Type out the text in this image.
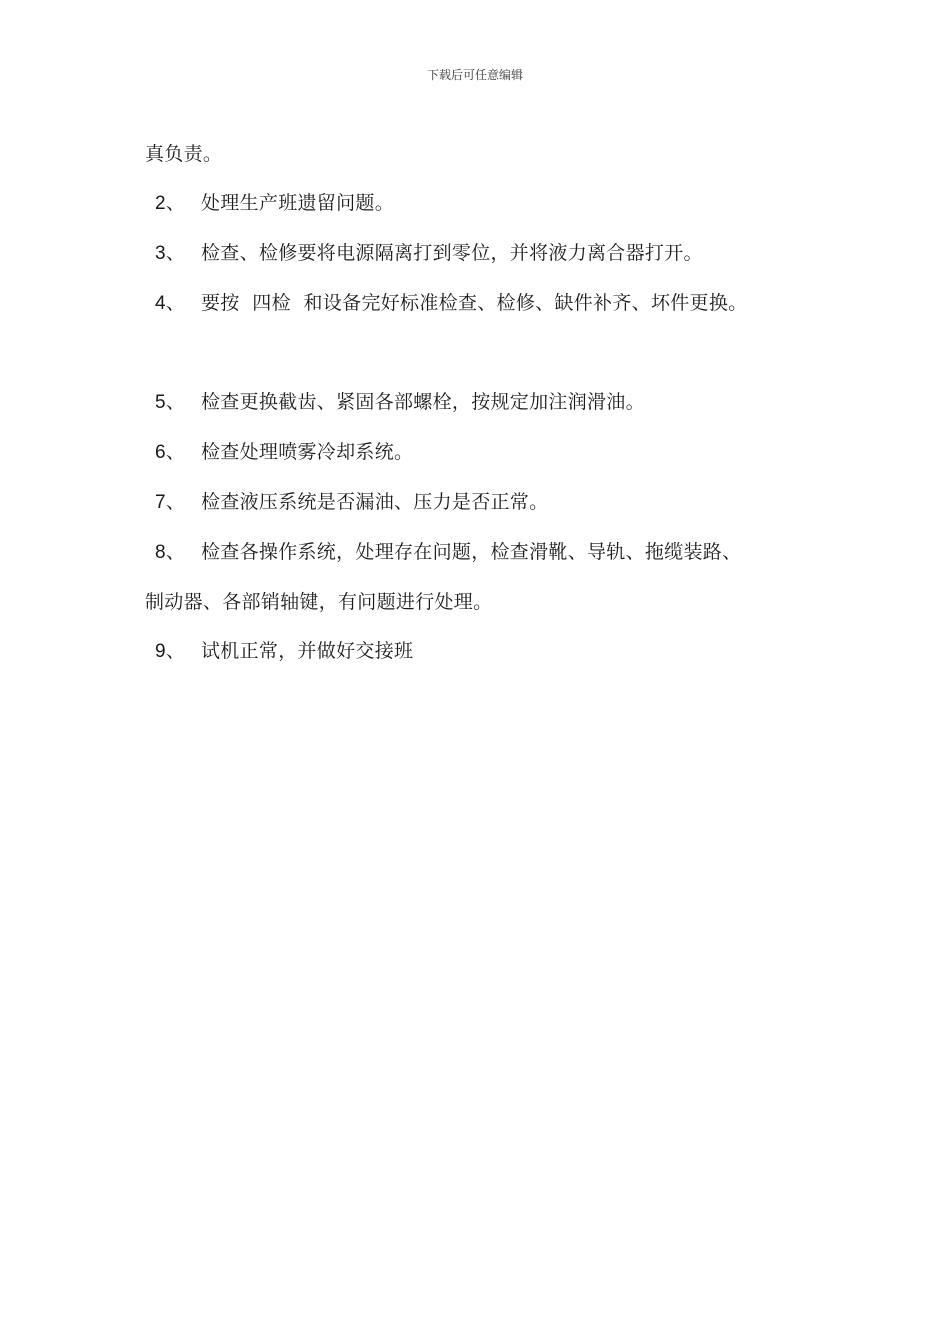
下载后可任意编辑
真负责。
2、 处理生产班遗留问题。
3、 检查、检修要将电源隔离打到零位，并将液力离合器打开。
4、 要按  四检  和设备完好标准检查、检修、缺件补齐、坏件更换。
5、 检查更换截齿、紧固各部螺栓，按规定加注润滑油。
6、 检查处理喷雾冷却系统。
7、 检查液压系统是否漏油、压力是否正常。
8、 检查各操作系统，处理存在问题，检查滑靴、导轨、拖缆装路、
制动器、各部销轴键，有问题进行处理。
9、 试机正常，并做好交接班
